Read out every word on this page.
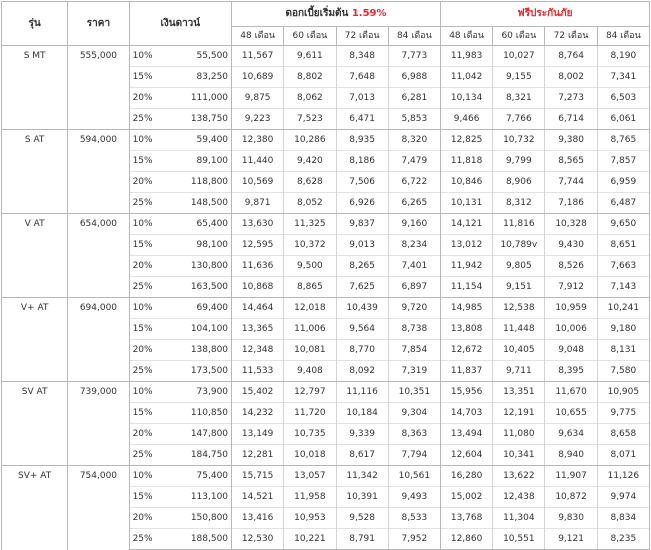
รุ่น	ราคา	เงินดาวน์		ดอกเบี้ยเริ่มต้น 1.59%				ฟรีประกันภัย			
				48 เดือน	60 เดือน	72 เดือน	84 เดือน	48 เดือน	60 เดือน	72 เดือน	84 เดือน
S MT	555,000	10%	55,500	11,567	9,611	8,348	7,773	11,983	10,027	8,764	8,190
		15%	83,250	10,689	8,802	7,648	6,988	11,042	9,155	8,002	7,341
		20%	111,000	9,875	8,062	7,013	6,281	10,134	8,321	7,273	6,503
		25%	138,750	9,223	7,523	6,471	5,853	9,466	7,766	6,714	6,061
S AT	594,000	10%	59,400	12,380	10,286	8,935	8,320	12,825	10,732	9,380	8,765
		15%	89,100	11,440	9,420	8,186	7,479	11,818	9,799	8,565	7,857
		20%	118,800	10,569	8,628	7,506	6,722	10,846	8,906	7,744	6,959
		25%	148,500	9,871	8,052	6,926	6,265	10,131	8,312	7,186	6,487
V AT	654,000	10%	65,400	13,630	11,325	9,837	9,160	14,121	11,816	10,328	9,650
		15%	98,100	12,595	10,372	9,013	8,234	13,012	10,789v	9,430	8,651
		20%	130,800	11,636	9,500	8,265	7,401	11,942	9,805	8,526	7,663
		25%	163,500	10,868	8,865	7,625	6,897	11,154	9,151	7,912	7,143
V+ AT	694,000	10%	69,400	14,464	12,018	10,439	9,720	14,985	12,538	10,959	10,241
		15%	104,100	13,365	11,006	9,564	8,738	13,808	11,448	10,006	9,180
		20%	138,800	12,348	10,081	8,770	7,854	12,672	10,405	9,048	8,131
		25%	173,500	11,533	9,408	8,092	7,319	11,837	9,711	8,395	7,580
SV AT	739,000	10%	73,900	15,402	12,797	11,116	10,351	15,956	13,351	11,670	10,905
		15%	110,850	14,232	11,720	10,184	9,304	14,703	12,191	10,655	9,775
		20%	147,800	13,149	10,735	9,339	8,363	13,494	11,080	9,634	8,658
		25%	184,750	12,281	10,018	8,617	7,794	12,604	10,341	8,940	8,071
SV+ AT	754,000	10%	75,400	15,715	13,057	11,342	10,561	16,280	13,622	11,907	11,126
		15%	113,100	14,521	11,958	10,391	9,493	15,002	12,438	10,872	9,974
		20%	150,800	13,416	10,953	9,528	8,533	13,768	11,304	9,830	8,834
		25%	188,500	12,530	10,221	8,791	7,952	12,860	10,551	9,121	8,235
